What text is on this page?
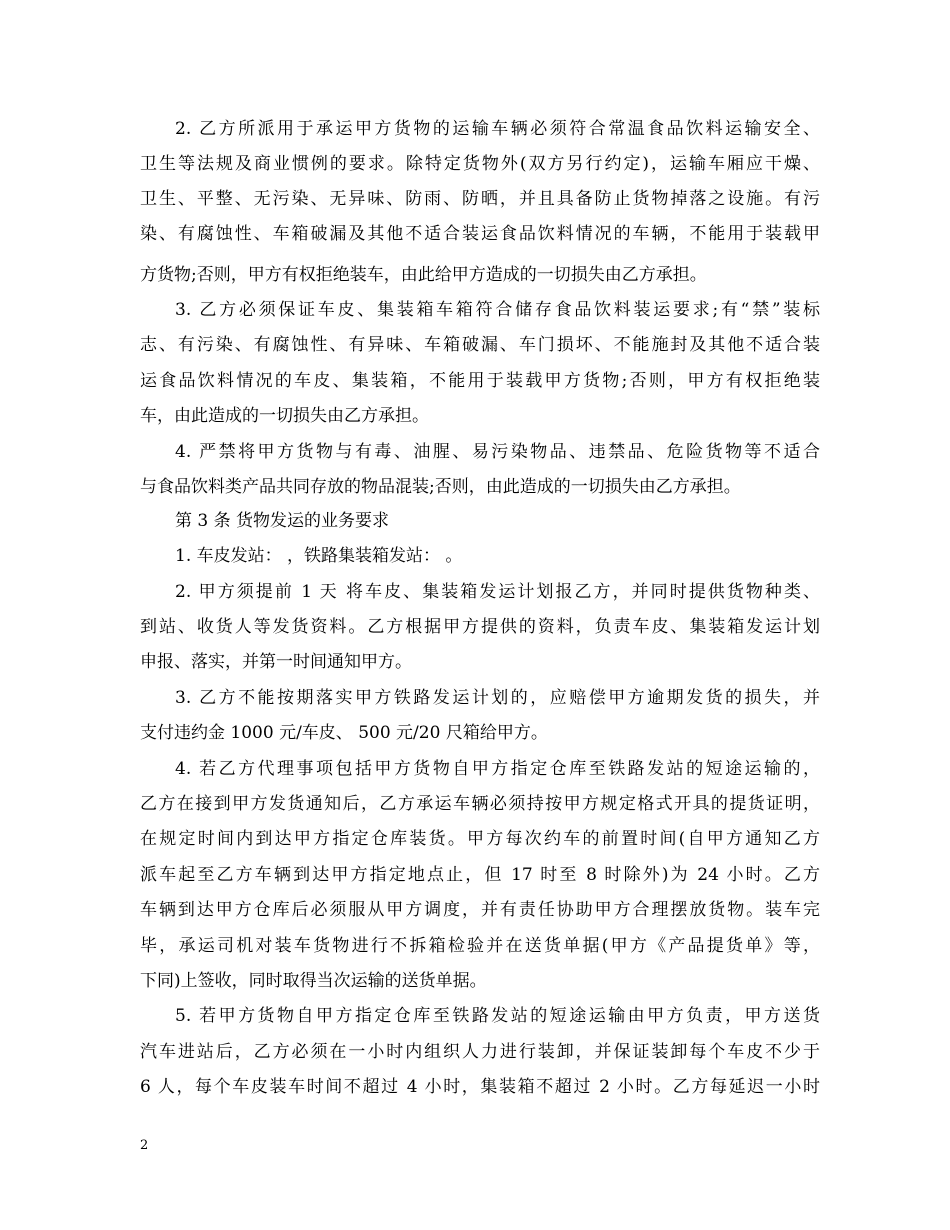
2. 乙方所派用于承运甲方货物的运输车辆必须符合常温食品饮料运输安全、
卫生等法规及商业惯例的要求。除特定货物外(双方另行约定)，运输车厢应干燥、
卫生、平整、无污染、无异味、防雨、防晒，并且具备防止货物掉落之设施。有污
染、有腐蚀性、车箱破漏及其他不适合装运食品饮料情况的车辆，不能用于装载甲
方货物;否则，甲方有权拒绝装车，由此给甲方造成的一切损失由乙方承担。
3. 乙方必须保证车皮、集装箱车箱符合储存食品饮料装运要求;有“禁”装标
志、有污染、有腐蚀性、有异味、车箱破漏、车门损坏、不能施封及其他不适合装
运食品饮料情况的车皮、集装箱，不能用于装载甲方货物;否则，甲方有权拒绝装
车，由此造成的一切损失由乙方承担。
4. 严禁将甲方货物与有毒、油腥、易污染物品、违禁品、危险货物等不适合
与食品饮料类产品共同存放的物品混装;否则，由此造成的一切损失由乙方承担。
第 3 条 货物发运的业务要求
1. 车皮发站： ，铁路集装箱发站： 。
2. 甲方须提前 1 天 将车皮、集装箱发运计划报乙方，并同时提供货物种类、
到站、收货人等发货资料。乙方根据甲方提供的资料，负责车皮、集装箱发运计划
申报、落实，并第一时间通知甲方。
3. 乙方不能按期落实甲方铁路发运计划的，应赔偿甲方逾期发货的损失，并
支付违约金 1000 元/车皮、 500 元/20 尺箱给甲方。
4. 若乙方代理事项包括甲方货物自甲方指定仓库至铁路发站的短途运输的，
乙方在接到甲方发货通知后，乙方承运车辆必须持按甲方规定格式开具的提货证明，
在规定时间内到达甲方指定仓库装货。甲方每次约车的前置时间(自甲方通知乙方
派车起至乙方车辆到达甲方指定地点止，但 17 时至 8 时除外)为 24 小时。乙方
车辆到达甲方仓库后必须服从甲方调度，并有责任协助甲方合理摆放货物。装车完
毕，承运司机对装车货物进行不拆箱检验并在送货单据(甲方《产品提货单》等，
下同)上签收，同时取得当次运输的送货单据。
5. 若甲方货物自甲方指定仓库至铁路发站的短途运输由甲方负责，甲方送货
汽车进站后，乙方必须在一小时内组织人力进行装卸，并保证装卸每个车皮不少于
6 人，每个车皮装车时间不超过 4 小时，集装箱不超过 2 小时。乙方每延迟一小时
2
